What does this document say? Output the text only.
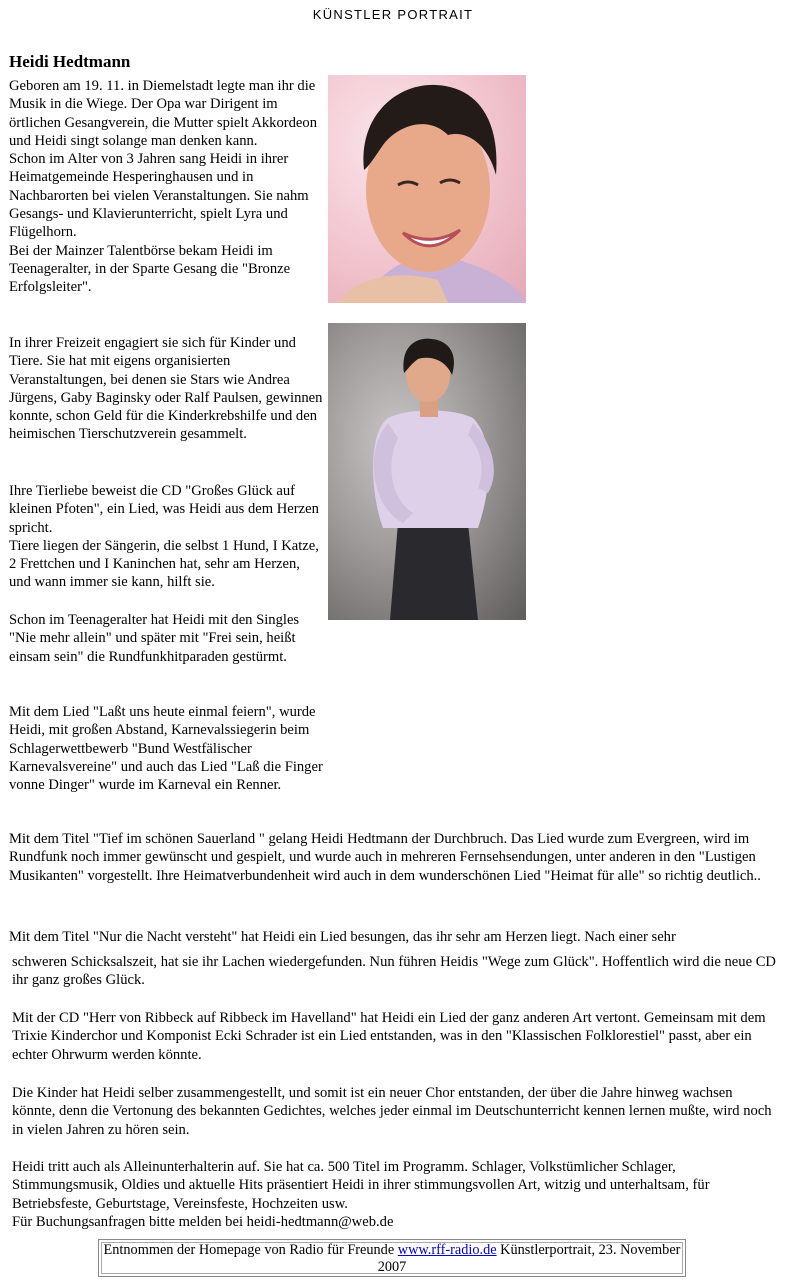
KÜNSTLER PORTRAIT
Heidi Hedtmann

Geboren am 19. 11. in Diemelstadt legte man ihr die Musik in die Wiege. Der Opa war Dirigent im örtlichen Gesangverein, die Mutter spielt Akkordeon und Heidi singt solange man denken kann.

Schon im Alter von 3 Jahren sang Heidi in ihrer Heimatgemeinde Hesperinghausen und in Nachbarorten bei vielen Veranstaltungen. Sie nahm Gesangs- und Klavierunterricht, spielt Lyra und Flügelhorn.

Bei der Mainzer Talentbörse bekam Heidi im Teenageralter, in der Sparte Gesang die "Bronze Erfolgsleiter".

In ihrer Freizeit engagiert sie sich für Kinder und Tiere. Sie hat mit eigens organisierten Veranstaltungen, bei denen sie Stars wie Andrea Jürgens, Gaby Baginsky oder Ralf Paulsen, gewinnen konnte, schon Geld für die Kinderkrebshilfe und den heimischen Tierschutzverein gesammelt.

Ihre Tierliebe beweist die CD "Großes Glück auf kleinen Pfoten", ein Lied, was Heidi aus dem Herzen spricht.

Tiere liegen der Sängerin, die selbst 1 Hund, I Katze, 2 Frettchen und I Kaninchen hat, sehr am Herzen, und wann immer sie kann, hilft sie.

Schon im Teenageralter hat Heidi mit den Singles "Nie mehr allein" und später mit "Frei sein, heißt einsam sein" die Rundfunkhitparaden gestürmt.

Mit dem Lied "Laßt uns heute einmal feiern", wurde Heidi, mit großen Abstand, Karnevalssiegerin beim Schlagerwettbewerb "Bund Westfälischer Karnevalsvereine" und auch das Lied "Laß die Finger vonne Dinger" wurde im Karneval ein Renner.

Mit dem Titel "Tief im schönen Sauerland " gelang Heidi Hedtmann der Durchbruch. Das Lied wurde zum Evergreen, wird im Rundfunk noch immer gewünscht und gespielt, und wurde auch in mehreren Fernsehsendungen, unter anderen in den "Lustigen Musikanten" vorgestellt. Ihre Heimatverbundenheit wird auch in dem wunderschönen Lied "Heimat für alle" so richtig deutlich..

Mit dem Titel "Nur die Nacht versteht" hat Heidi ein Lied besungen, das ihr sehr am Herzen liegt. Nach einer sehr

schweren Schicksalszeit, hat sie ihr Lachen wiedergefunden. Nun führen Heidis "Wege zum Glück". Hoffentlich wird die neue CD ihr ganz großes Glück.

Mit der CD "Herr von Ribbeck auf Ribbeck im Havelland" hat Heidi ein Lied der ganz anderen Art vertont. Gemeinsam mit dem Trixie Kinderchor und Komponist Ecki Schrader ist ein Lied entstanden, was in den "Klassischen Folklorestiel" passt, aber ein echter Ohrwurm werden könnte.

Die Kinder hat Heidi selber zusammengestellt, und somit ist ein neuer Chor entstanden, der über die Jahre hinweg wachsen könnte, denn die Vertonung des bekannten Gedichtes, welches jeder einmal im Deutschunterricht kennen lernen mußte, wird noch in vielen Jahren zu hören sein.

Heidi tritt auch als Alleinunterhalterin auf. Sie hat ca. 500 Titel im Programm. Schlager, Volkstümlicher Schlager, Stimmungsmusik, Oldies und aktuelle Hits präsentiert Heidi in ihrer stimmungsvollen Art, witzig und unterhaltsam, für Betriebsfeste, Geburtstage, Vereinsfeste, Hochzeiten usw.

Für Buchungsanfragen bitte melden bei heidi-hedtmann@web.de

Entnommen der Homepage von Radio für Freunde www.rff-radio.de Künstlerportrait, 23. November 2007
